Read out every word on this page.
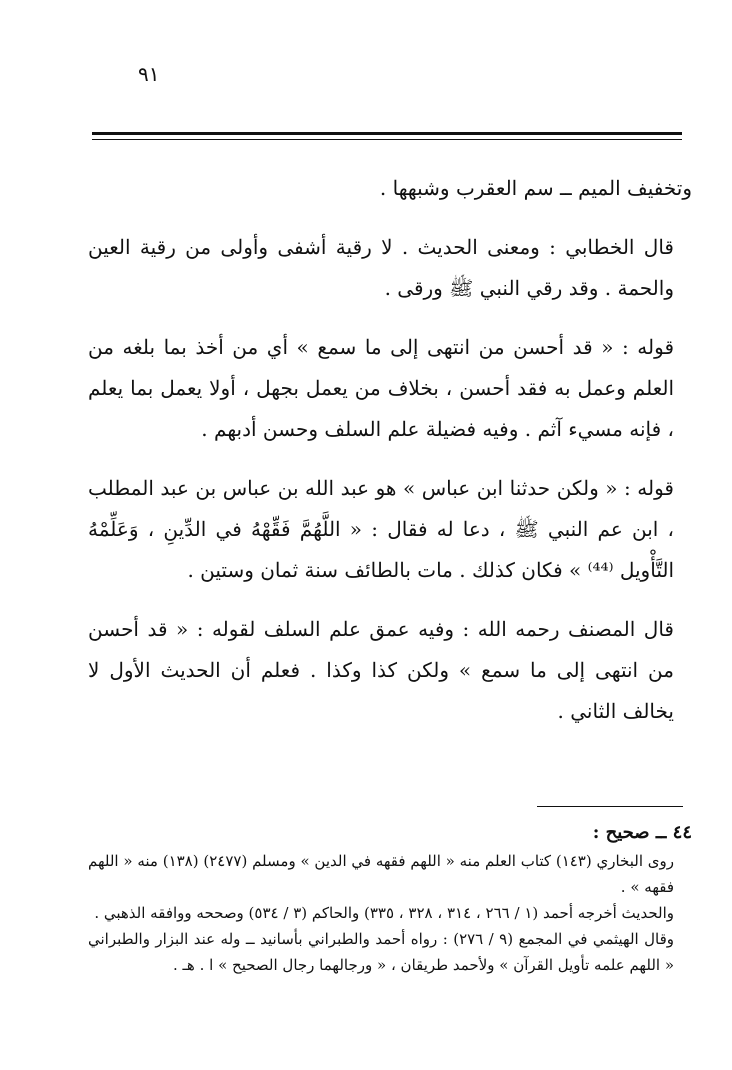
٩١

وتخفيف الميم ــ سم العقرب وشبهها .

قال الخطابي : ومعنى الحديث . لا رقية أشفى وأولى من رقية العين والحمة . وقد رقي النبي ﷺ ورقى .

قوله : « قد أحسن من انتهى إلى ما سمع » أي من أخذ بما بلغه من العلم وعمل به فقد أحسن ، بخلاف من يعمل بجهل ، أولا يعمل بما يعلم ، فإنه مسيء آثم . وفيه فضيلة علم السلف وحسن أدبهم .

قوله : « ولكن حدثنا ابن عباس » هو عبد الله بن عباس بن عبد المطلب ، ابن عم النبي ﷺ ، دعا له فقال : « اللَّهُمَّ فَقِّهْهُ في الدِّينِ ، وَعَلِّمْهُ التَّأْويل ⁽⁴⁴⁾ » فكان كذلك . مات بالطائف سنة ثمان وستين .

قال المصنف رحمه الله : وفيه عمق علم السلف لقوله : « قد أحسن من انتهى إلى ما سمع » ولكن كذا وكذا . فعلم أن الحديث الأول لا يخالف الثاني .

٤٤ ــ صحيح :

روى البخاري (١٤٣) كتاب العلم منه « اللهم فقهه في الدين » ومسلم (٢٤٧٧) (١٣٨) منه « اللهم فقهه » .

والحديث أخرجه أحمد (١ / ٢٦٦ ، ٣١٤ ، ٣٢٨ ، ٣٣٥) والحاكم (٣ / ٥٣٤) وصححه ووافقه الذهبي .

وقال الهيثمي في المجمع (٩ / ٢٧٦) : رواه أحمد والطبراني بأسانيد ــ وله عند البزار والطبراني « اللهم علمه تأويل القرآن » ولأحمد طريقان ، « ورجالهما رجال الصحيح » ا . هـ .
